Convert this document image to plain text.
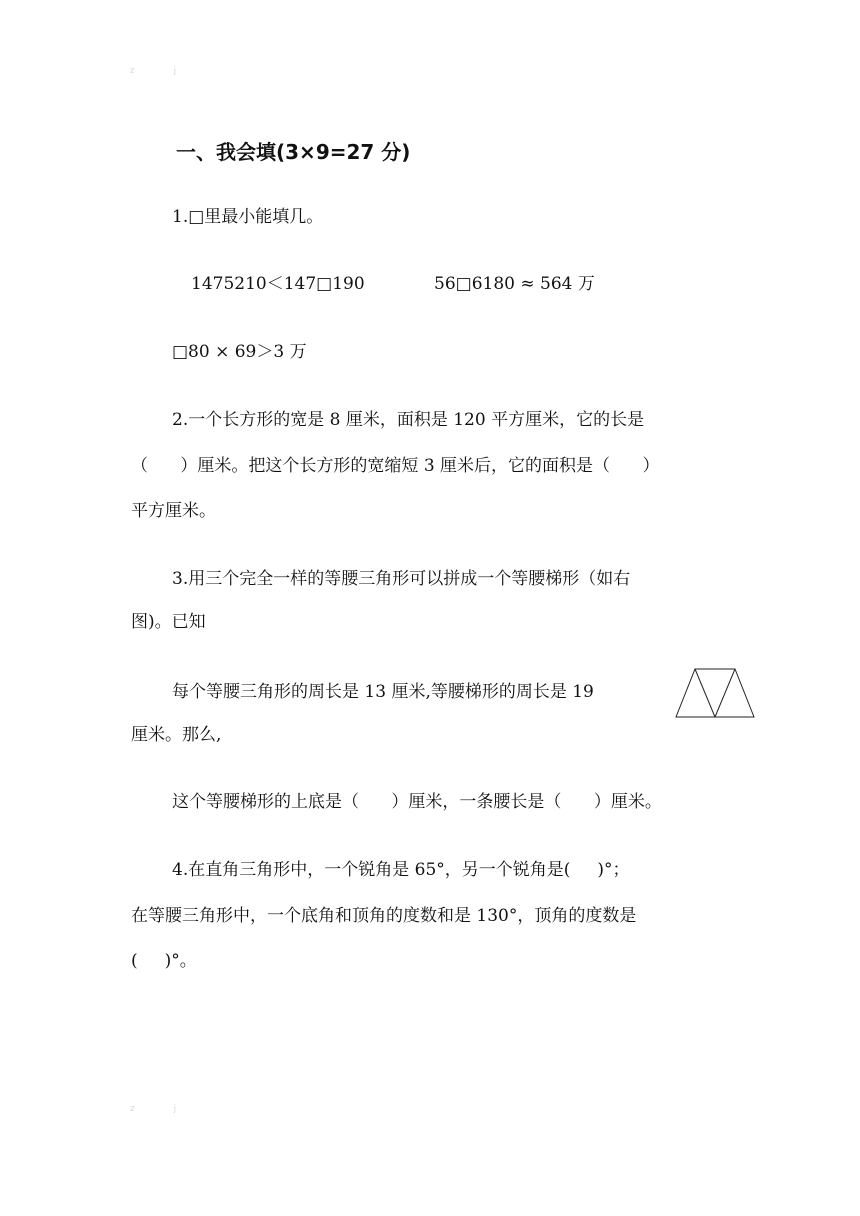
z j
一、我会填(3×9=27 分)
1.□里最小能填几。
1475210＜147□190	56□6180 ≈ 564 万
□80 × 69＞3 万
2.一个长方形的宽是 8 厘米，面积是 120 平方厘米，它的长是
（      ）厘米。把这个长方形的宽缩短 3 厘米后，它的面积是（      ）
平方厘米。
3.用三个完全一样的等腰三角形可以拼成一个等腰梯形（如右
图)。已知
每个等腰三角形的周长是 13 厘米,等腰梯形的周长是 19
厘米。那么,
这个等腰梯形的上底是（      ）厘米，一条腰长是（      ）厘米。
4.在直角三角形中，一个锐角是 65°，另一个锐角是(     )°；
在等腰三角形中，一个底角和顶角的度数和是 130°，顶角的度数是
(     )°。
z j
